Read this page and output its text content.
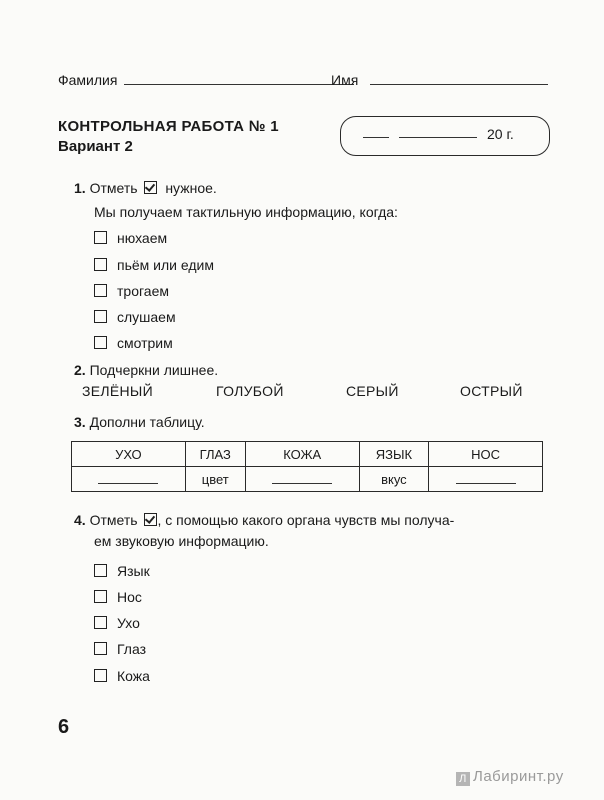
Фамилия	Имя
КОНТРОЛЬНАЯ РАБОТА № 1
Вариант 2
20 г.
1. Отметь нужное.
Мы получаем тактильную информацию, когда:
нюхаем
пьём или едим
трогаем
слушаем
смотрим
2. Подчеркни лишнее.
ЗЕЛЁНЫЙ	ГОЛУБОЙ	СЕРЫЙ	ОСТРЫЙ
3. Дополни таблицу.
УХО	ГЛАЗ	КОЖА	ЯЗЫК	НОС
	цвет		вкус	
4. Отметь , с помощью какого органа чувств мы получа-
ем звуковую информацию.
Язык
Нос
Ухо
Глаз
Кожа
6
Л Лабиринт.ру
